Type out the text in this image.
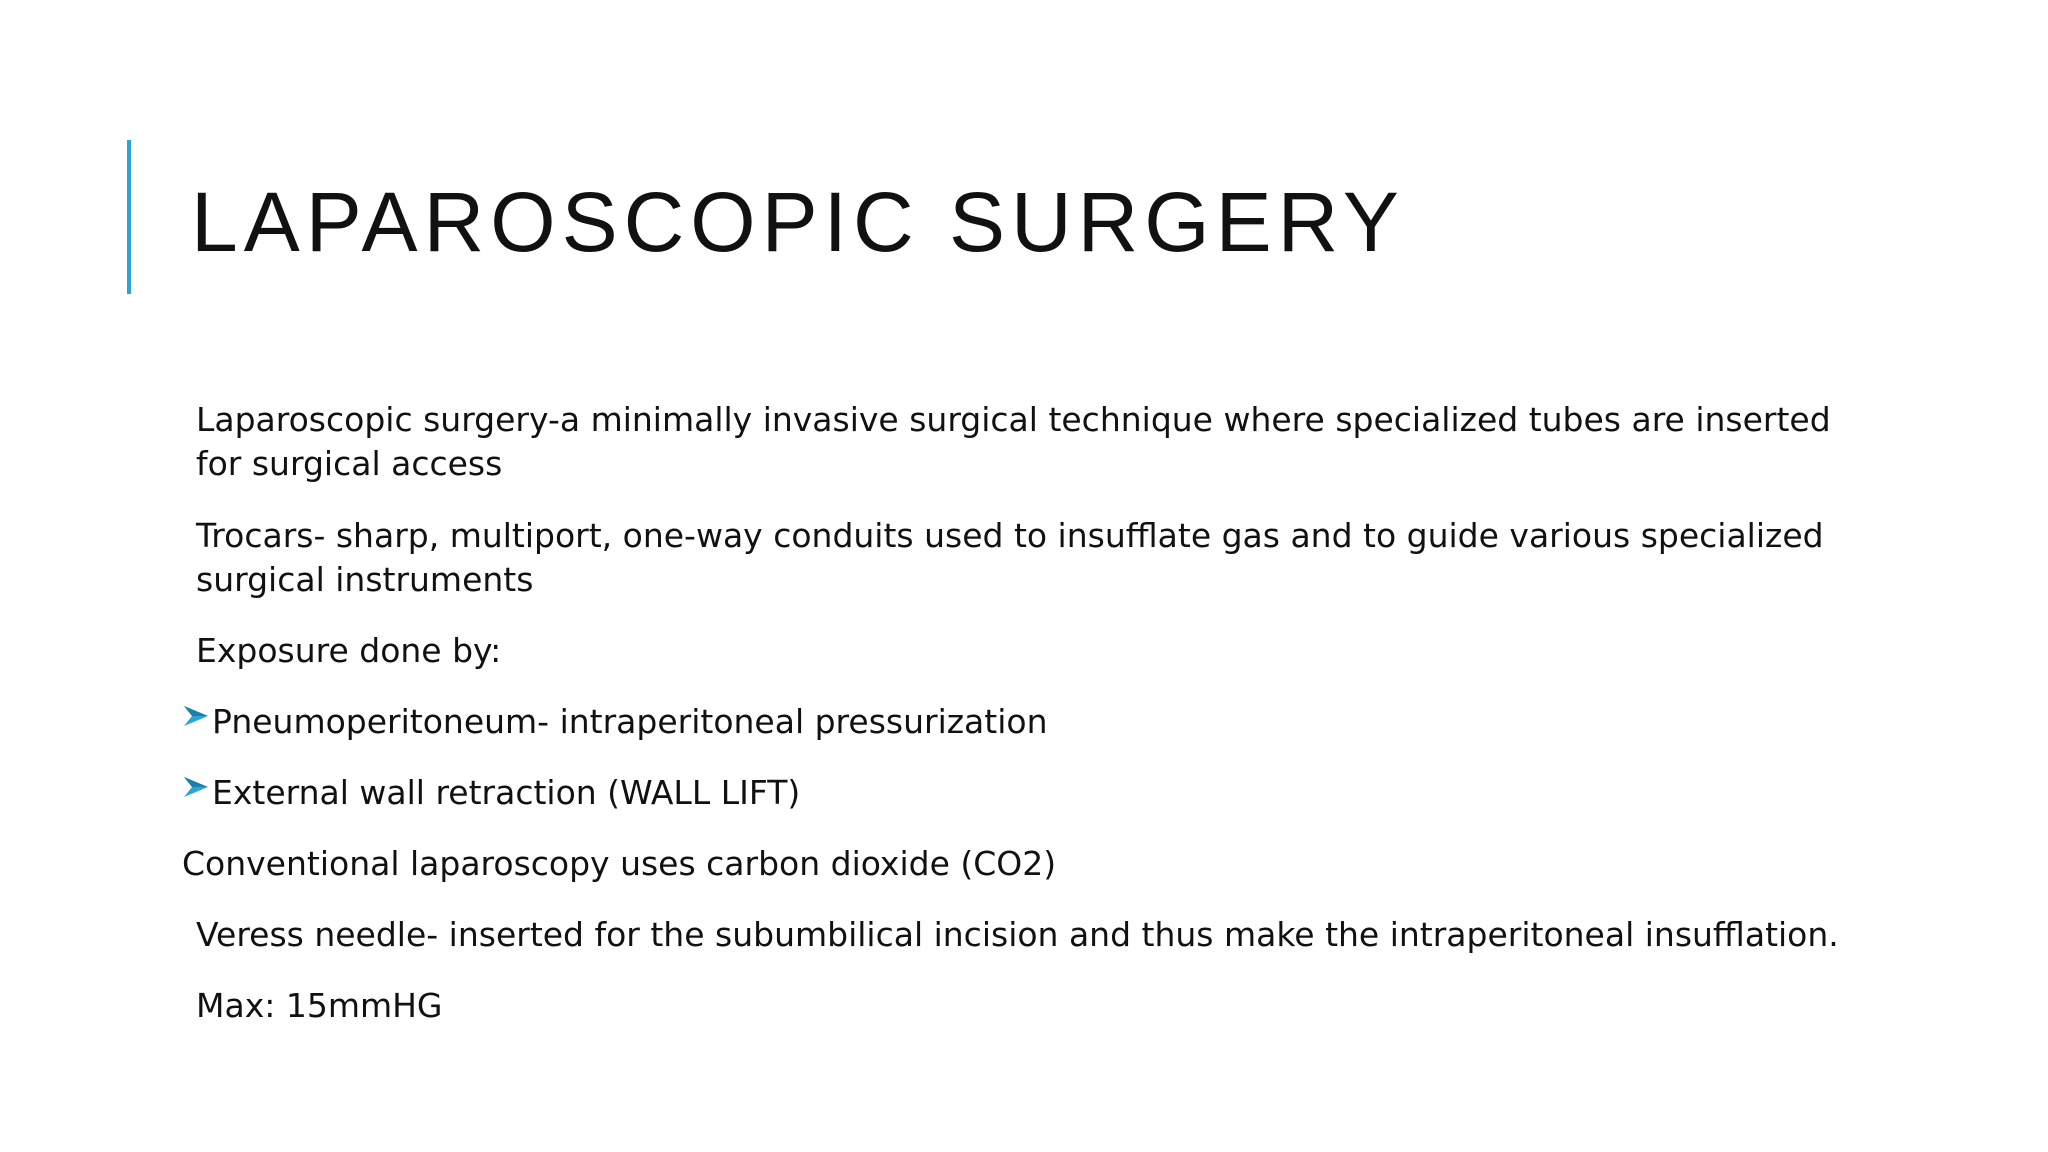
LAPAROSCOPIC SURGERY

Laparoscopic surgery-a minimally invasive surgical technique where specialized tubes are inserted

for surgical access

Trocars- sharp, multiport, one-way conduits used to insufflate gas and to guide various specialized

surgical instruments

Exposure done by:

Pneumoperitoneum- intraperitoneal pressurization
External wall retraction (WALL LIFT)

Conventional laparoscopy uses carbon dioxide (CO2)

Veress needle- inserted for the subumbilical incision and thus make the intraperitoneal insufflation.

Max: 15mmHG
